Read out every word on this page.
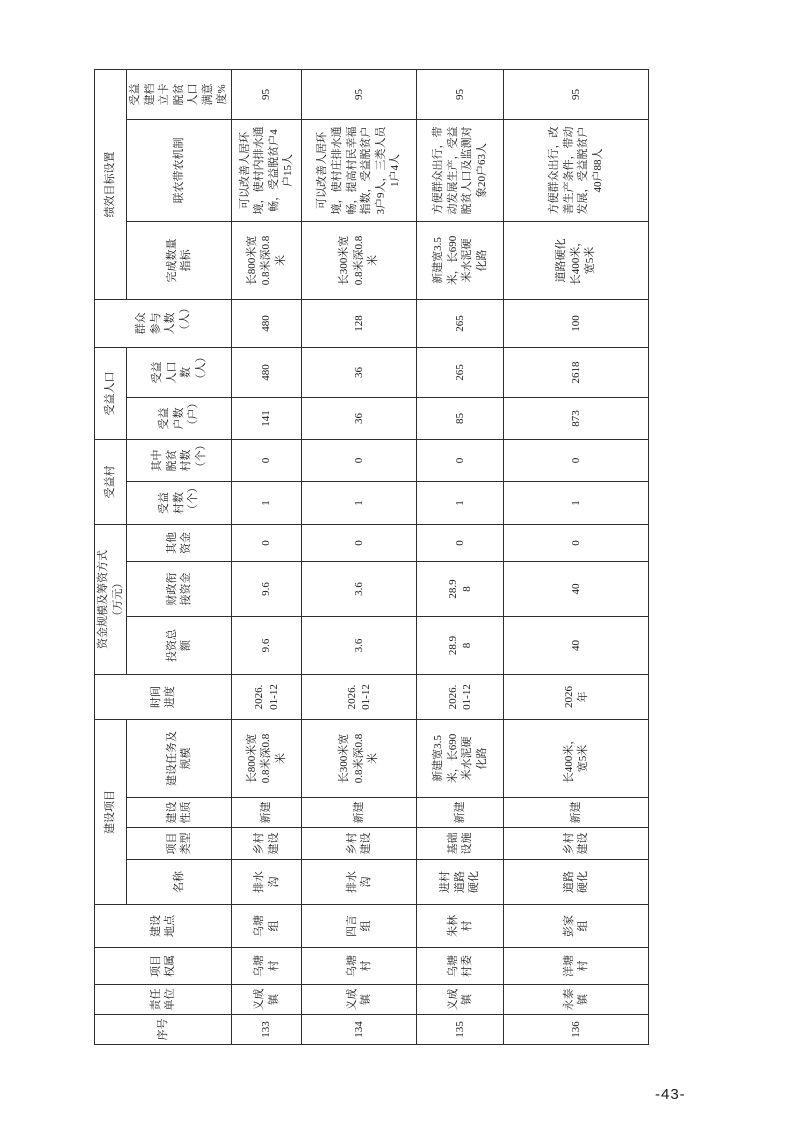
序号	责任单位	项目权属	建设地点	建设项目				时间进度	资金规模及筹资方式（万元）			受益村		受益人口		群众参与人数（人）	绩效目标设置		

				名称	项目类型	建设性质	建设任务及规模		投资总额	财政衔接资金	其他资金	受益村数（个）	其中脱贫村数（个）	受益户数（户）	受益人口数（人）		完成数量指标	联农带农机制	受益建档立卡脱贫人口满意度%

133	义成镇	乌塘村	乌塘组	排水沟	乡村建设	新建	长800米宽0.8米深0.8米	2026.01-12	9.6	9.6	0	1	0	141	480	480	长800米宽0.8米深0.8米	可以改善人居环境，使村内排水通畅，受益脱贫户4户15人	95

134	义成镇	乌塘村	四言组	排水沟	乡村建设	新建	长300米宽0.8米深0.8米	2026.01-12	3.6	3.6	0	1	0	36	36	128	长300米宽0.8米深0.8米	可以改善人居环境，使村庄排水通畅，提高村民幸福指数，受益脱贫户3户9人，三类人员1户4人	95

135	义成镇	乌塘村委	朱林村	进村道路硬化	基础设施	新建	新建宽3.5米，长690米水泥硬化路	2026.01-12	28.98	28.98	0	1	0	85	265	265	新建宽3.5米，长690米水泥硬化路	方便群众出行，带动发展生产，受益脱贫人口及监测对象20户63人	95

136	永泰镇	洋塘村	彭家组	道路硬化	乡村建设	新建	长400米，宽5米	2026年	40	40	0	1	0	873	2618	100	道路硬化长400米，宽5米	方便群众出行，改善生产条件，带动发展，受益脱贫户40户88人	95
-43-
